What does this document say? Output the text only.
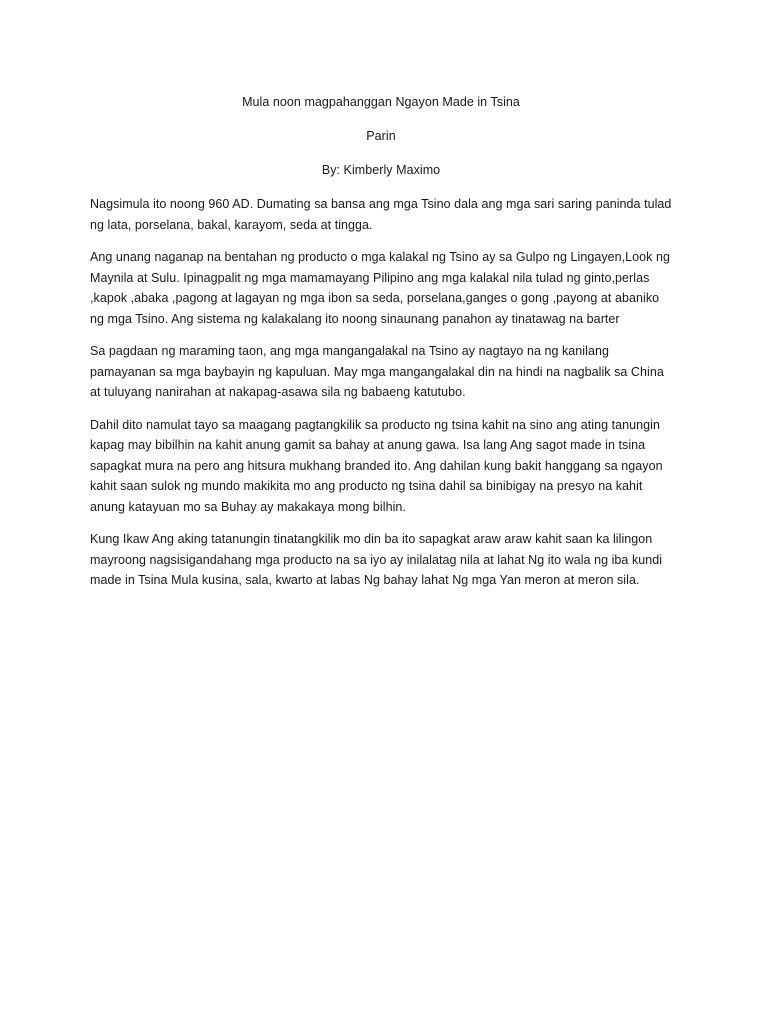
Mula noon magpahanggan Ngayon Made in Tsina
Parin
By: Kimberly Maximo

Nagsimula ito noong 960 AD. Dumating sa bansa ang mga Tsino dala ang mga sari saring paninda tulad ng lata, porselana, bakal, karayom, seda at tingga.

Ang unang naganap na bentahan ng producto o mga kalakal ng Tsino ay sa Gulpo ng Lingayen,Look ng Maynila at Sulu. Ipinagpalit ng mga mamamayang Pilipino ang mga kalakal nila tulad ng ginto,perlas ,kapok ,abaka ,pagong at lagayan ng mga ibon sa seda, porselana,ganges o gong ,payong at abaniko ng mga Tsino. Ang sistema ng kalakalang ito noong sinaunang panahon ay tinatawag na barter

Sa pagdaan ng maraming taon, ang mga mangangalakal na Tsino ay nagtayo na ng kanilang pamayanan sa mga baybayin ng kapuluan. May mga mangangalakal din na hindi na nagbalik sa China at tuluyang nanirahan at nakapag-asawa sila ng babaeng katutubo.

Dahil dito namulat tayo sa maagang pagtangkilik sa producto ng tsina kahit na sino ang ating tanungin kapag may bibilhin na kahit anung gamit sa bahay at anung gawa. Isa lang Ang sagot made in tsina sapagkat mura na pero ang hitsura mukhang branded ito. Ang dahilan kung bakit hanggang sa ngayon kahit saan sulok ng mundo makikita mo ang producto ng tsina dahil sa binibigay na presyo na kahit anung katayuan mo sa Buhay ay makakaya mong bilhin.

Kung Ikaw Ang aking tatanungin tinatangkilik mo din ba ito sapagkat araw araw kahit saan ka lilingon mayroong nagsisigandahang mga producto na sa iyo ay inilalatag nila at lahat Ng ito wala ng iba kundi made in Tsina Mula kusina, sala, kwarto at labas Ng bahay lahat Ng mga Yan meron at meron sila.
